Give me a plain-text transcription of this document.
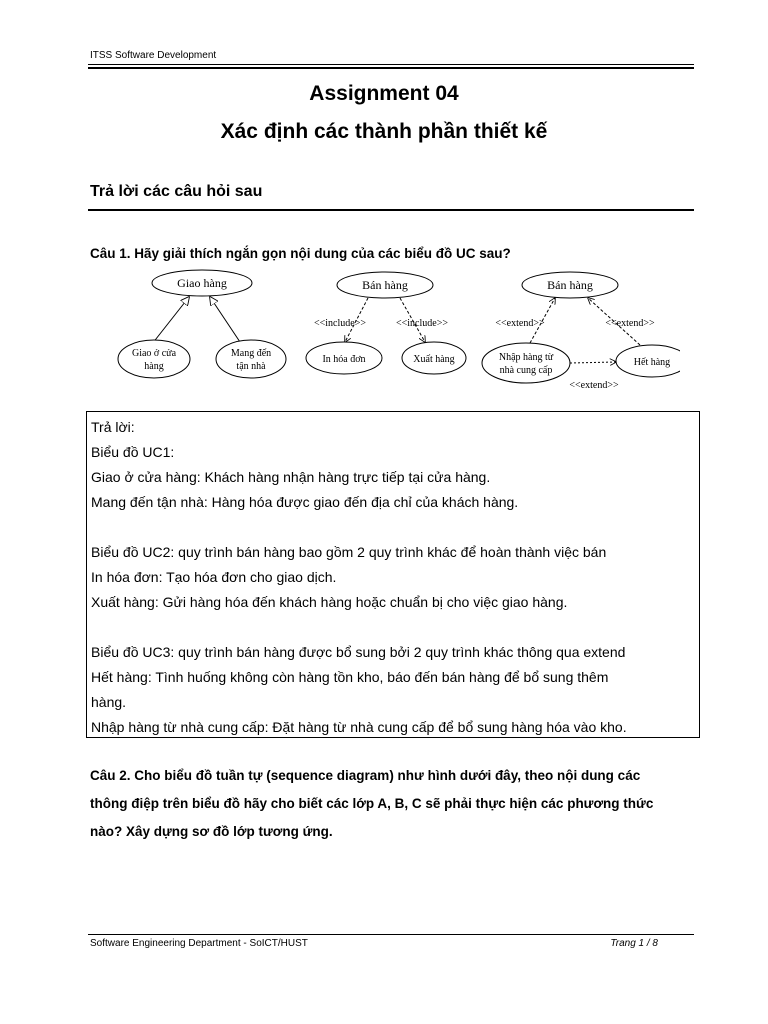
ITSS Software Development
Assignment 04
Xác định các thành phần thiết kế
Trả lời các câu hỏi sau
Câu 1. Hãy giải thích ngắn gọn nội dung của các biểu đồ UC sau?
Giao hàng
Giao ở cửa
hàng
Mang đến
tận nhà
Bán hàng
<<include>>	<<include>>
In hóa đơn	Xuất hàng
Bán hàng
<<extend>>	<<extend>>
Nhập hàng từ
nhà cung cấp
Hết hàng
<<extend>>
Trả lời:
Biểu đồ UC1:
Giao ở cửa hàng: Khách hàng nhận hàng trực tiếp tại cửa hàng.
Mang đến tận nhà: Hàng hóa được giao đến địa chỉ của khách hàng.
Biểu đồ UC2: quy trình bán hàng bao gồm 2 quy trình khác để hoàn thành việc bán
In hóa đơn: Tạo hóa đơn cho giao dịch.
Xuất hàng: Gửi hàng hóa đến khách hàng hoặc chuẩn bị cho việc giao hàng.
Biểu đồ UC3: quy trình bán hàng được bổ sung bởi 2 quy trình khác thông qua extend
Hết hàng: Tình huống không còn hàng tồn kho, báo đến bán hàng để bổ sung thêm
hàng.
Nhập hàng từ nhà cung cấp: Đặt hàng từ nhà cung cấp để bổ sung hàng hóa vào kho.
Câu 2. Cho biểu đồ tuần tự (sequence diagram) như hình dưới đây, theo nội dung các
thông điệp trên biểu đồ hãy cho biết các lớp A, B, C sẽ phải thực hiện các phương thức
nào? Xây dựng sơ đồ lớp tương ứng.
Software Engineering Department - SoICT/HUST	Trang 1 / 8
